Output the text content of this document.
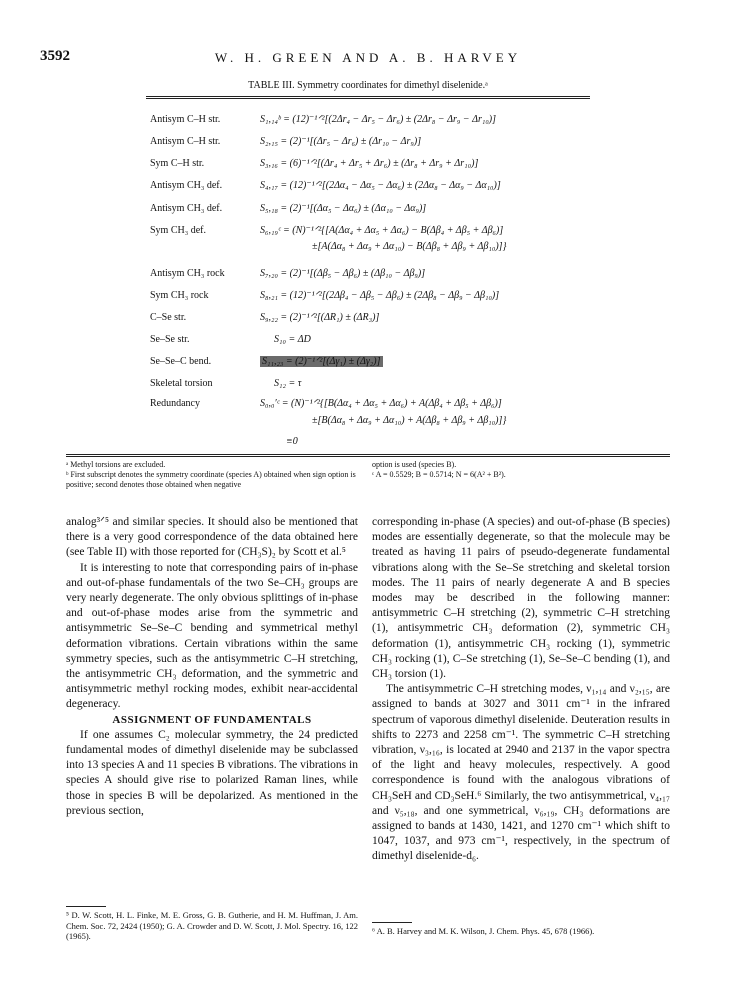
3592	W. H. GREEN AND A. B. HARVEY
TABLE III. Symmetry coordinates for dimethyl diselenide.ᵃ
Antisym C–H str.	S₁,₁₄ᵇ = (12)⁻¹ᐟ²[(2Δr₄ − Δr₅ − Δr₆) ± (2Δr₈ − Δr₉ − Δr₁₀)]
Antisym C–H str.	S₂,₁₅ = (2)⁻¹[(Δr₅ − Δr₆) ± (Δr₁₀ − Δr₉)]
Sym C–H str.	S₃,₁₆ = (6)⁻¹ᐟ²[(Δr₄ + Δr₅ + Δr₆) ± (Δr₈ + Δr₉ + Δr₁₀)]
Antisym CH₃ def.	S₄,₁₇ = (12)⁻¹ᐟ²[(2Δα₄ − Δα₅ − Δα₆) ± (2Δα₈ − Δα₉ − Δα₁₀)]
Antisym CH₃ def.	S₅,₁₈ = (2)⁻¹[(Δα₅ − Δα₆) ± (Δα₁₀ − Δα₉)]
Sym CH₃ def.	S₆,₁₉ᶜ = (N)⁻¹ᐟ²{[A(Δα₄ + Δα₅ + Δα₆) − B(Δβ₄ + Δβ₅ + Δβ₆)]
±[A(Δα₈ + Δα₉ + Δα₁₀) − B(Δβ₈ + Δβ₉ + Δβ₁₀)]}
Antisym CH₃ rock	S₇,₂₀ = (2)⁻¹[(Δβ₅ − Δβ₆) ± (Δβ₁₀ − Δβ₉)]
Sym CH₃ rock	S₈,₂₁ = (12)⁻¹ᐟ²[(2Δβ₄ − Δβ₅ − Δβ₆) ± (2Δβ₈ − Δβ₉ − Δβ₁₀)]
C–Se str.	S₉,₂₂ = (2)⁻¹ᐟ²[(ΔR₁) ± (ΔR₃)]
Se–Se str.	S₁₀ = ΔD
Se–Se–C bend.	S₁₁,₂₃ = (2)⁻¹ᐟ²[(Δγ₁) ± (Δγ₂)]
Skeletal torsion	S₁₂ = τ
Redundancy	S₀,₀′ᶜ = (N)⁻¹ᐟ²{[B(Δα₄ + Δα₅ + Δα₆) + A(Δβ₄ + Δβ₅ + Δβ₆)]
±[B(Δα₈ + Δα₉ + Δα₁₀) + A(Δβ₈ + Δβ₉ + Δβ₁₀)]}
≡0
ᵃ Methyl torsions are excluded.
ᵇ First subscript denotes the symmetry coordinate (species A) obtained when sign option is positive; second denotes those obtained when negative
option is used (species B).
ᶜ A = 0.5529; B = 0.5714; N = 6(A² + B²).

analog³ᐟ⁵ and similar species. It should also be mentioned that there is a very good correspondence of the data obtained here (see Table II) with those reported for (CH₃S)₂ by Scott et al.⁵

It is interesting to note that corresponding pairs of in-phase and out-of-phase fundamentals of the two Se–CH₃ groups are very nearly degenerate. The only obvious splittings of in-phase and out-of-phase modes arise from the symmetric and antisymmetric Se–Se–C bending and symmetrical methyl deformation vibrations. Certain vibrations within the same symmetry species, such as the antisymmetric C–H stretching, the antisymmetric CH₃ deformation, and the symmetric and antisymmetric methyl rocking modes, exhibit near-accidental degeneracy.

ASSIGNMENT OF FUNDAMENTALS

If one assumes C₂ molecular symmetry, the 24 predicted fundamental modes of dimethyl diselenide may be subclassed into 13 species A and 11 species B vibrations. The vibrations in species A should give rise to polarized Raman lines, while those in species B will be depolarized. As mentioned in the previous section,

⁵ D. W. Scott, H. L. Finke, M. E. Gross, G. B. Gutherie, and H. M. Huffman, J. Am. Chem. Soc. 72, 2424 (1950); G. A. Crowder and D. W. Scott, J. Mol. Spectry. 16, 122 (1965).

corresponding in-phase (A species) and out-of-phase (B species) modes are essentially degenerate, so that the molecule may be treated as having 11 pairs of pseudo-degenerate fundamental vibrations along with the Se–Se stretching and skeletal torsion modes. The 11 pairs of nearly degenerate A and B species modes may be described in the following manner: antisymmetric C–H stretching (2), symmetric C–H stretching (1), antisymmetric CH₃ deformation (2), symmetric CH₃ deformation (1), antisymmetric CH₃ rocking (1), symmetric CH₃ rocking (1), C–Se stretching (1), Se–Se–C bending (1), and CH₃ torsion (1).

The antisymmetric C–H stretching modes, ν₁,₁₄ and ν₂,₁₅, are assigned to bands at 3027 and 3011 cm⁻¹ in the infrared spectrum of vaporous dimethyl diselenide. Deuteration results in shifts to 2273 and 2258 cm⁻¹. The symmetric C–H stretching vibration, ν₃,₁₆, is located at 2940 and 2137 in the vapor spectra of the light and heavy molecules, respectively. A good correspondence is found with the analogous vibrations of CH₃SeH and CD₃SeH.⁶ Similarly, the two antisymmetrical, ν₄,₁₇ and ν₅,₁₈, and one symmetrical, ν₆,₁₉, CH₃ deformations are assigned to bands at 1430, 1421, and 1270 cm⁻¹ which shift to 1047, 1037, and 973 cm⁻¹, respectively, in the spectrum of dimethyl diselenide-d₆.

⁶ A. B. Harvey and M. K. Wilson, J. Chem. Phys. 45, 678 (1966).
